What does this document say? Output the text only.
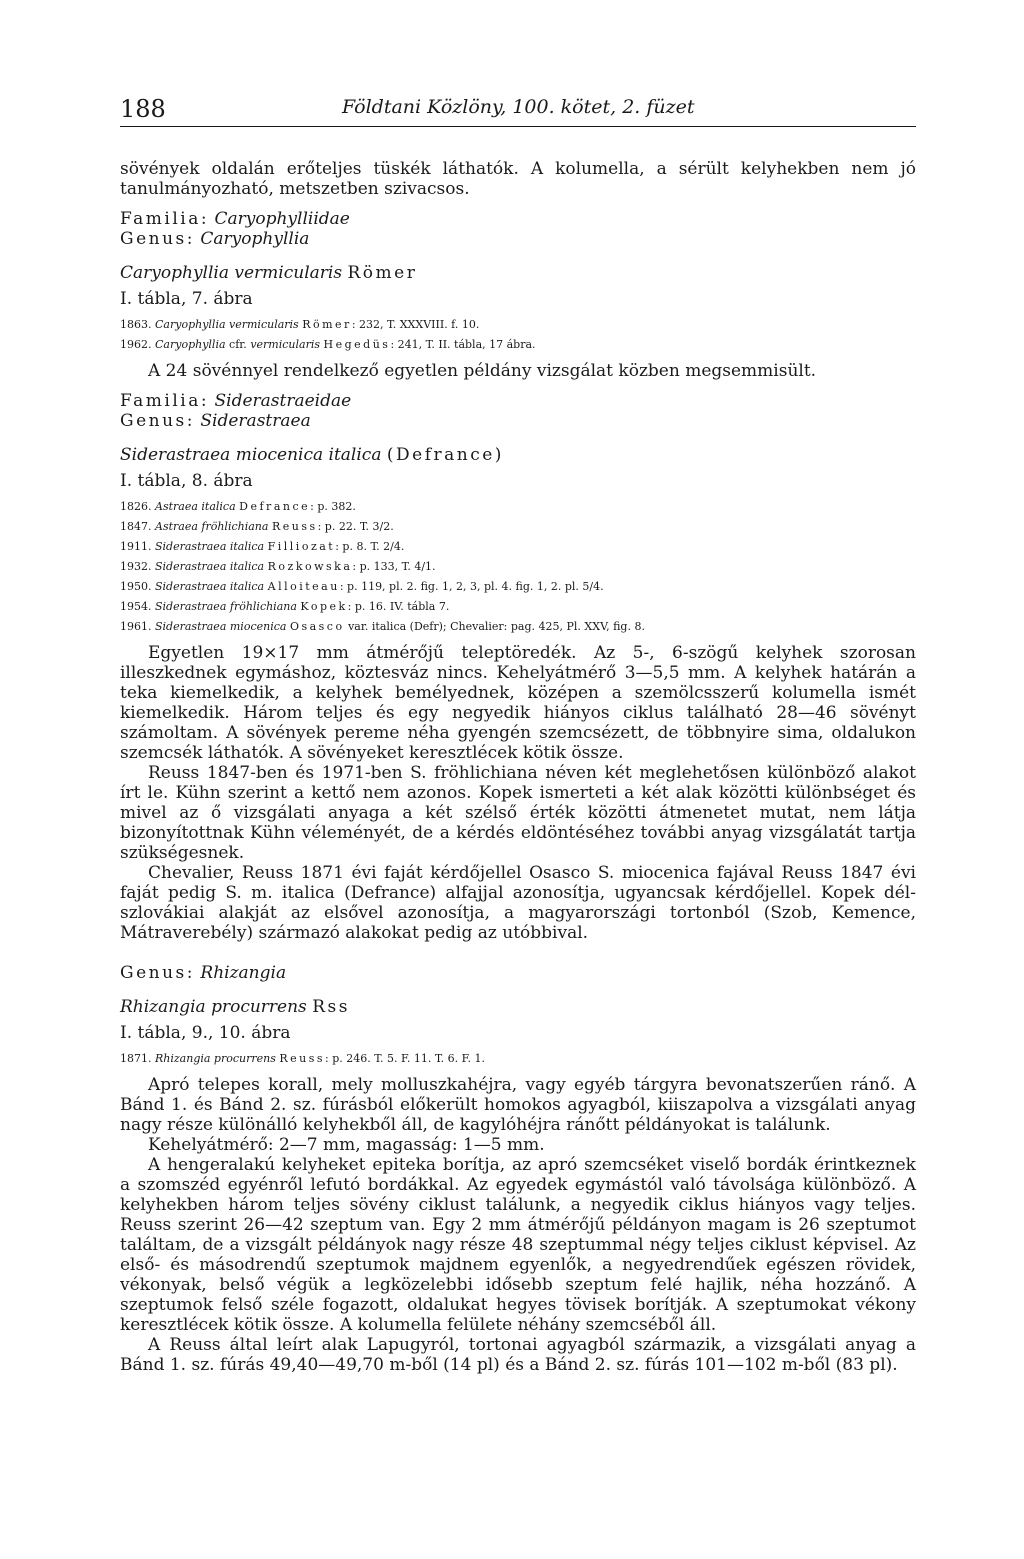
188	Földtani Közlöny, 100. kötet, 2. füzet

sövények oldalán erőteljes tüskék láthatók. A kolumella, a sérült kelyhekben nem jó tanulmányozható, metszetben szivacsos.

Familia: Caryophylliidae

Genus: Caryophyllia

Caryophyllia vermicularis Römer

I. tábla, 7. ábra

1863. Caryophyllia vermicularis Römer: 232, T. XXXVIII. f. 10.

1962. Caryophyllia cfr. vermicularis Hegedüs: 241, T. II. tábla, 17 ábra.

A 24 sövénnyel rendelkező egyetlen példány vizsgálat közben megsemmisült.

Familia: Siderastraeidae

Genus: Siderastraea

Siderastraea miocenica italica (Defrance)

I. tábla, 8. ábra

1826. Astraea italica Defrance: p. 382.

1847. Astraea fröhlichiana Reuss: p. 22. T. 3/2.

1911. Siderastraea italica Filliozat: p. 8. T. 2/4.

1932. Siderastraea italica Rozkowska: p. 133, T. 4/1.

1950. Siderastraea italica Alloiteau: p. 119, pl. 2. fig. 1, 2, 3, pl. 4. fig. 1, 2. pl. 5/4.

1954. Siderastraea fröhlichiana Kopek: p. 16. IV. tábla 7.

1961. Siderastraea miocenica Osasco var. italica (Defr); Chevalier: pag. 425, Pl. XXV, fig. 8.

Egyetlen 19×17 mm átmérőjű teleptöredék. Az 5-, 6-szögű kelyhek szorosan illeszkednek egymáshoz, köztesváz nincs. Kehelyátmérő 3—5,5 mm. A kelyhek határán a teka kiemelkedik, a kelyhek bemélyednek, középen a szemölcsszerű kolumella ismét kiemelkedik. Három teljes és egy negyedik hiányos ciklus található 28—46 sövényt számoltam. A sövények pereme néha gyengén szemcsézett, de többnyire sima, oldalukon szemcsék láthatók. A sövényeket keresztlécek kötik össze.

Reuss 1847-ben és 1971-ben S. fröhlichiana néven két meglehetősen különböző alakot írt le. Kühn szerint a kettő nem azonos. Kopek ismerteti a két alak közötti különbséget és mivel az ő vizsgálati anyaga a két szélső érték közötti átmenetet mutat, nem látja bizonyítottnak Kühn véleményét, de a kérdés eldöntéséhez további anyag vizsgálatát tartja szükségesnek.

Chevalier, Reuss 1871 évi faját kérdőjellel Osasco S. miocenica fajával Reuss 1847 évi faját pedig S. m. italica (Defrance) alfajjal azonosítja, ugyancsak kérdőjellel. Kopek dél-szlovákiai alakját az elsővel azonosítja, a magyarországi tortonból (Szob, Kemence, Mátraverebély) származó alakokat pedig az utóbbival.

Genus: Rhizangia

Rhizangia procurrens Rss

I. tábla, 9., 10. ábra

1871. Rhizangia procurrens Reuss: p. 246. T. 5. F. 11. T. 6. F. 1.

Apró telepes korall, mely molluszkahéjra, vagy egyéb tárgyra bevonatszerűen ránő. A Bánd 1. és Bánd 2. sz. fúrásból előkerült homokos agyagból, kiiszapolva a vizsgálati anyag nagy része különálló kelyhekből áll, de kagylóhéjra ránőtt példányokat is találunk.

Kehelyátmérő: 2—7 mm, magasság: 1—5 mm.

A hengeralakú kelyheket epiteka borítja, az apró szemcséket viselő bordák érintkeznek a szomszéd egyénről lefutó bordákkal. Az egyedek egymástól való távolsága különböző. A kelyhekben három teljes sövény ciklust találunk, a negyedik ciklus hiányos vagy teljes. Reuss szerint 26—42 szeptum van. Egy 2 mm átmérőjű példányon magam is 26 szeptumot találtam, de a vizsgált példányok nagy része 48 szeptummal négy teljes ciklust képvisel. Az első- és másodrendű szeptumok majdnem egyenlők, a negyedrendűek egészen rövidek, vékonyak, belső végük a legközelebbi idősebb szeptum felé hajlik, néha hozzánő. A szeptumok felső széle fogazott, oldalukat hegyes tövisek borítják. A szeptumokat vékony keresztlécek kötik össze. A kolumella felülete néhány szemcséből áll.

A Reuss által leírt alak Lapugyról, tortonai agyagból származik, a vizsgálati anyag a Bánd 1. sz. fúrás 49,40—49,70 m-ből (14 pl) és a Bánd 2. sz. fúrás 101—102 m-ből (83 pl).
